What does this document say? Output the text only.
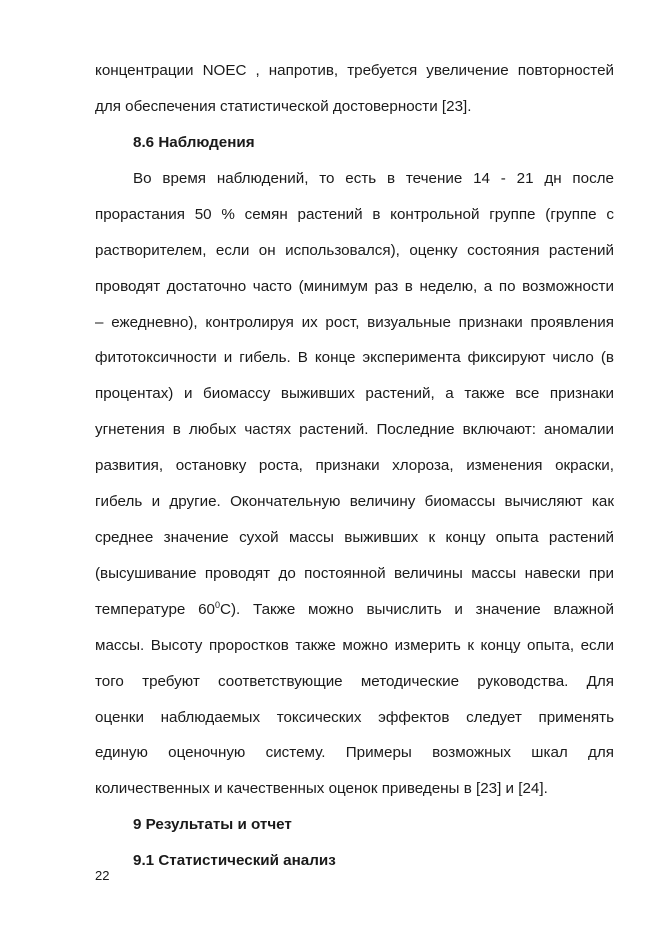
концентрации NOEC , напротив, требуется увеличение повторностей
для обеспечения статистической достоверности [23].
8.6 Наблюдения
Во время наблюдений, то есть в течение 14 - 21 дн после
прорастания 50 % семян растений в контрольной группе (группе с
растворителем, если он использовался), оценку состояния растений
проводят достаточно часто (минимум раз в неделю, а по возможности
– ежедневно), контролируя их рост, визуальные признаки проявления
фитотоксичности и гибель. В конце эксперимента фиксируют число (в
процентах) и биомассу выживших растений, а также все признаки
угнетения в любых частях растений. Последние включают: аномалии
развития, остановку роста, признаки хлороза, изменения окраски,
гибель и другие. Окончательную величину биомассы вычисляют как
среднее значение сухой массы выживших к концу опыта растений
(высушивание проводят до постоянной величины массы навески при
температуре $60^0С$). Также можно вычислить и значение влажной
массы. Высоту проростков также можно измерить к концу опыта, если
того требуют соответствующие методические руководства. Для
оценки наблюдаемых токсических эффектов следует применять
единую оценочную систему. Примеры возможных шкал для
количественных и качественных оценок приведены в [23] и [24].
9 Результаты и отчет
9.1 Статистический анализ
22
